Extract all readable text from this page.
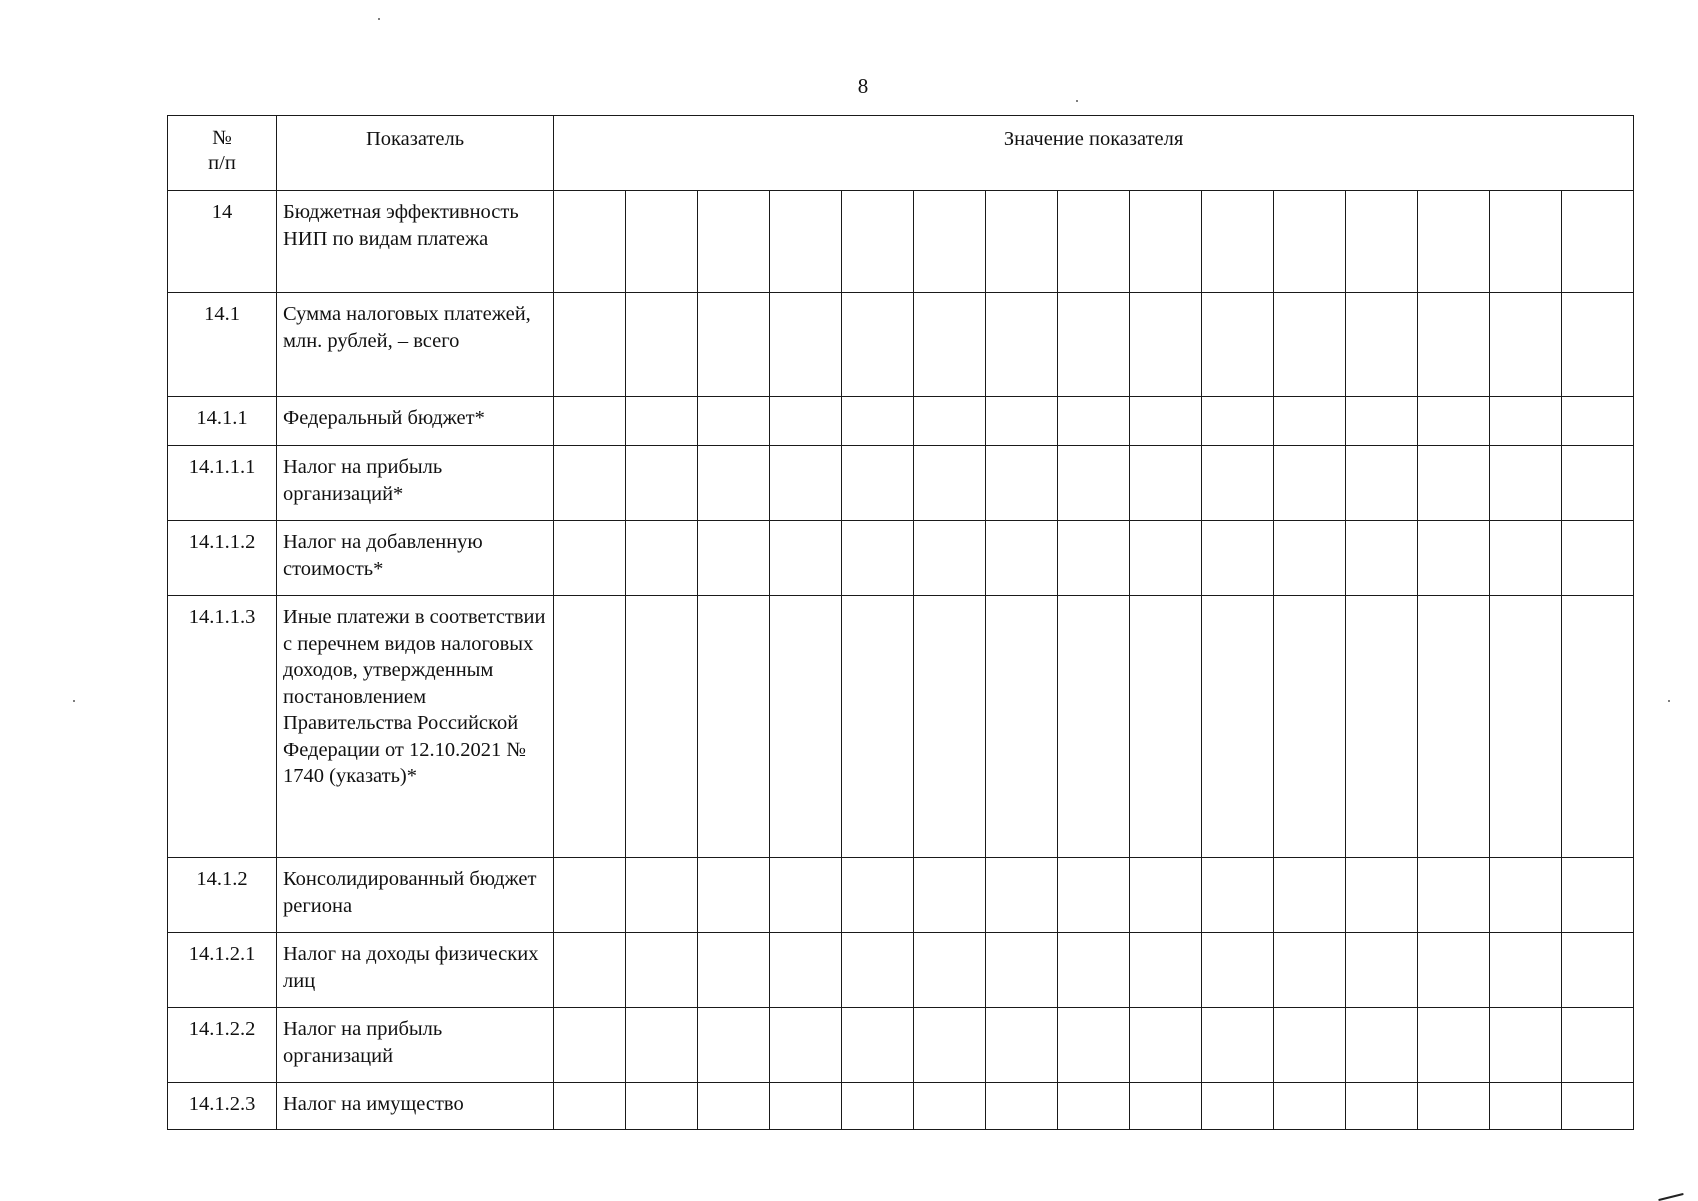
8
№
п/п	Показатель	Значение показателя														
14	Бюджетная эффективность НИП по видам платежа															
14.1	Сумма налоговых платежей, млн. рублей, – всего															
14.1.1	Федеральный бюджет*															
14.1.1.1	Налог на прибыль организаций*															
14.1.1.2	Налог на добавленную стоимость*															
14.1.1.3	Иные платежи в соответствии с перечнем видов налоговых доходов, утвержденным постановлением Правительства Российской Федерации от 12.10.2021 № 1740 (указать)*															
14.1.2	Консолидированный бюджет региона															
14.1.2.1	Налог на доходы физических лиц															
14.1.2.2	Налог на прибыль организаций															
14.1.2.3	Налог на имущество															
